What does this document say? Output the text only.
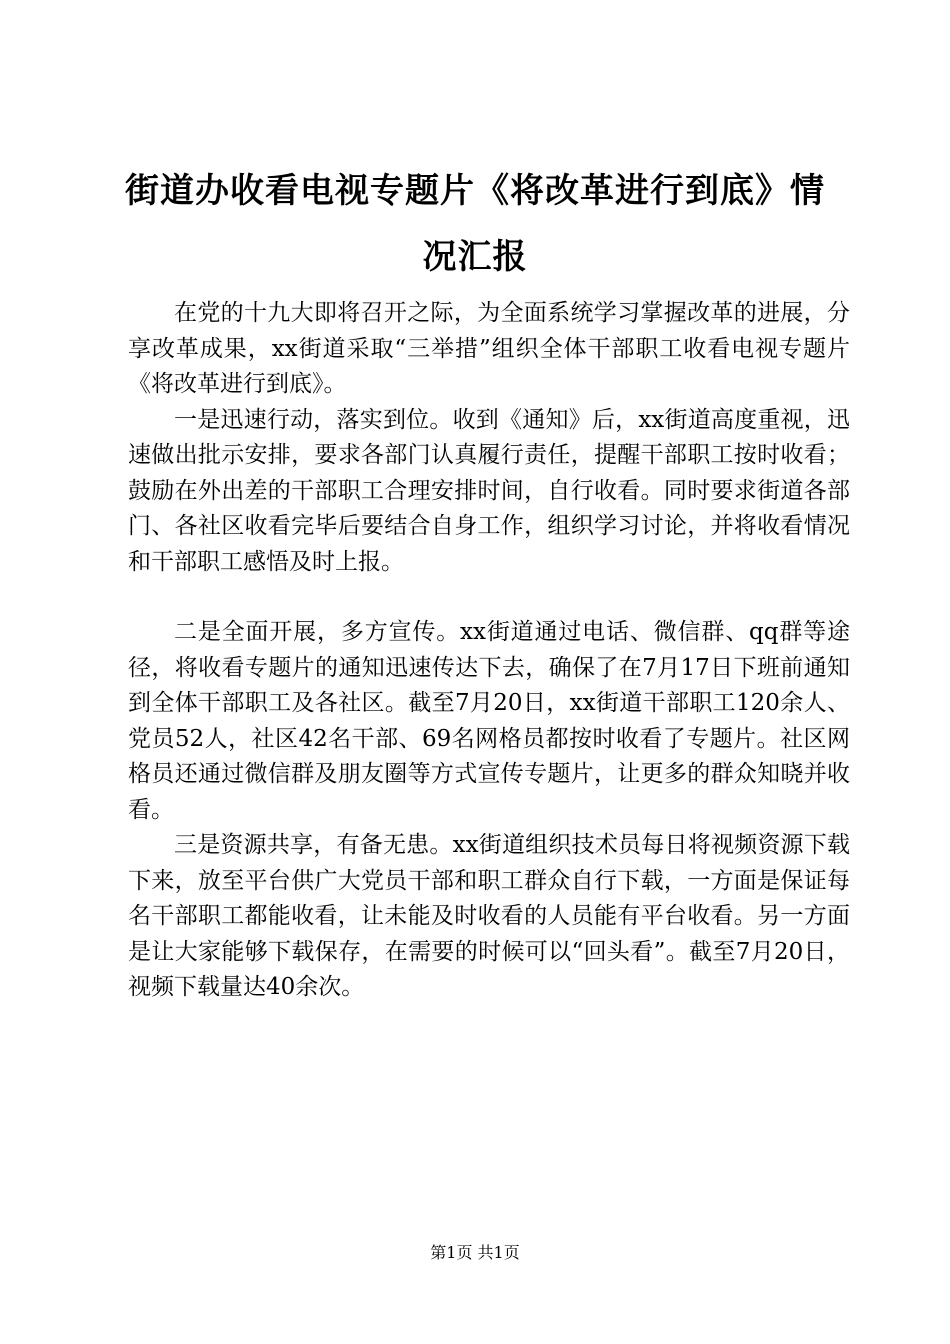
街道办收看电视专题片《将改革进行到底》情况汇报

在党的十九大即将召开之际，为全面系统学习掌握改革的进展，分享改革成果，xx街道采取“三举措”组织全体干部职工收看电视专题片《将改革进行到底》。

一是迅速行动，落实到位。收到《通知》后，xx街道高度重视，迅速做出批示安排，要求各部门认真履行责任，提醒干部职工按时收看；鼓励在外出差的干部职工合理安排时间，自行收看。同时要求街道各部门、各社区收看完毕后要结合自身工作，组织学习讨论，并将收看情况和干部职工感悟及时上报。

二是全面开展，多方宣传。xx街道通过电话、微信群、qq群等途径，将收看专题片的通知迅速传达下去，确保了在7月17日下班前通知到全体干部职工及各社区。截至7月20日，xx街道干部职工120余人、党员52人，社区42名干部、69名网格员都按时收看了专题片。社区网格员还通过微信群及朋友圈等方式宣传专题片，让更多的群众知晓并收看。

三是资源共享，有备无患。xx街道组织技术员每日将视频资源下载下来，放至平台供广大党员干部和职工群众自行下载，一方面是保证每名干部职工都能收看，让未能及时收看的人员能有平台收看。另一方面是让大家能够下载保存，在需要的时候可以“回头看”。截至7月20日，视频下载量达40余次。

第1页 共1页
